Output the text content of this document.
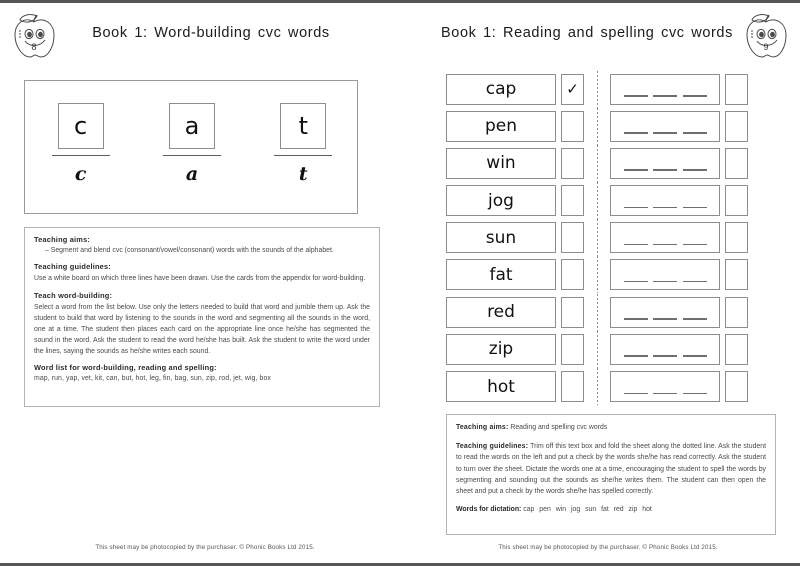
8
Book 1: Word-building cvc words
c
c
a
a
t
t
Teaching aims:
– Segment and blend cvc (consonant/vowel/consonant) words with the sounds of the alphabet.
Teaching guidelines:
Use a white board on which three lines have been drawn. Use the cards from the appendix for word-building.
Teach word-building:
Select a word from the list below. Use only the letters needed to build that word and jumble them up. Ask the student to build that word by listening to the sounds in the word and segmenting all the sounds in the word, one at a time. The student then places each card on the appropriate line once he/she has segmented the sound in the word. Ask the student to read the word he/she has built. Ask the student to write the word under the lines, saying the sounds as he/she writes each sound.
Word list for word-building, reading and spelling:
map, run, yap, vet, kit, can, but, hot, leg, fin, bag, sun, zip, rod, jet, wig, box
This sheet may be photocopied by the purchaser. © Phonic Books Ltd 2015.
9
Book 1: Reading and spelling cvc words
cap	✓
pen
win
jog
sun
fat
red
zip
hot
Teaching aims: Reading and spelling cvc words
Teaching guidelines: Trim off this text box and fold the sheet along the dotted line. Ask the student to read the words on the left and put a check by the words she/he has read correctly. Ask the student to turn over the sheet. Dictate the words one at a time, encouraging the student to spell the words by segmenting and sounding out the sounds as she/he writes them. The student can then open the sheet and put a check by the words she/he has spelled correctly.
Words for dictation: cap pen win jog sun fat red zip hot
This sheet may be photocopied by the purchaser. © Phonic Books Ltd 2015.
